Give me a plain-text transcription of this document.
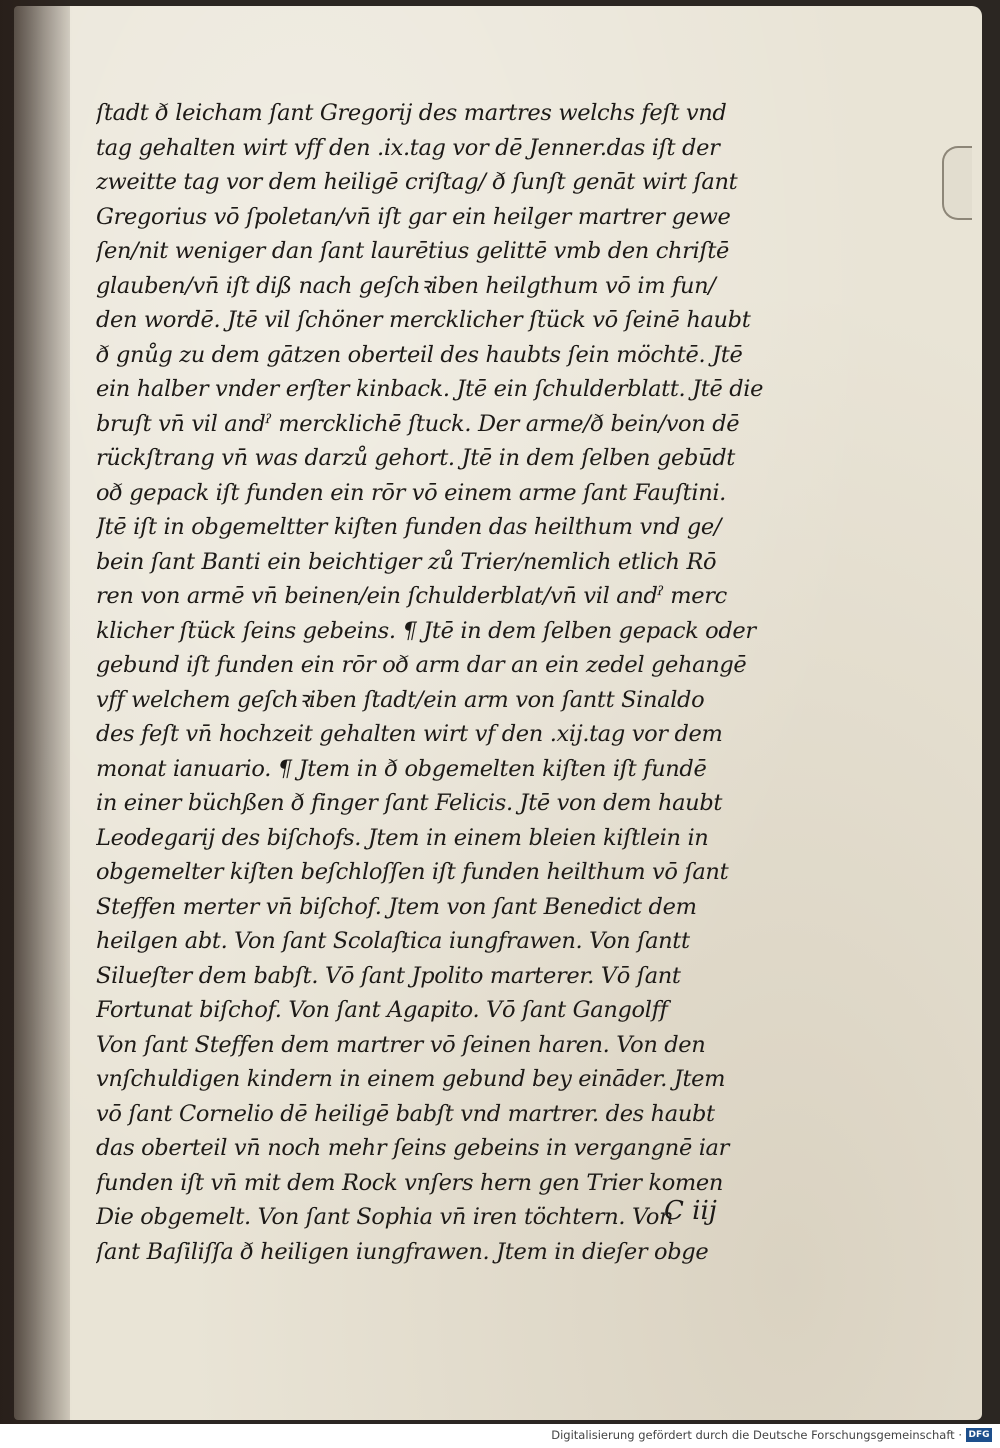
ſtadt ð leicham ſant Gregorij des martres welchs feſt vnd
tag gehalten wirt vff den .ix.tag vor dē Jenner.das iſt der
zweitte tag vor dem heiligē criſtag/ ð ſunſt genāt wirt ſant
Gregorius vō ſpoletan/vn̄ iſt gar ein heilger martrer gewe
ſen/nit weniger dan ſant laurētius gelittē vmb den chriſtē
glauben/vn̄ iſt diß nach geſchꝛiben heilgthum vō im fun/
den wordē. Jtē vil ſchöner mercklicher ſtück vō ſeinē haubt
ð gnůg zu dem gātzen oberteil des haubts ſein möchtē. Jtē
ein halber vnder erſter kinback. Jtē ein ſchulderblatt. Jtē die
bruſt vn̄ vil andˀ mercklichē ſtuck. Der arme/ð bein/von dē
rückſtrang vn̄ was darzů gehort. Jtē in dem ſelben gebūdt
oð gepack iſt funden ein rōr vō einem arme ſant Fauſtini.
Jtē iſt in obgemeltter kiſten funden das heilthum vnd ge/
bein ſant Banti ein beichtiger zů Trier/nemlich etlich Rō
ren von armē vn̄ beinen/ein ſchulderblat/vn̄ vil andˀ merc
klicher ſtück ſeins gebeins. ¶ Jtē in dem ſelben gepack oder
gebund iſt funden ein rōr oð arm dar an ein zedel gehangē
vff welchem geſchꝛiben ſtadt/ein arm von ſantt Sinaldo
des feſt vn̄ hochzeit gehalten wirt vf den .xij.tag vor dem
monat ianuario. ¶ Jtem in ð obgemelten kiſten iſt fundē
in einer büchßen ð finger ſant Felicis. Jtē von dem haubt
Leodegarij des biſchofs. Jtem in einem bleien kiſtlein in
obgemelter kiſten beſchloſſen iſt funden heilthum vō ſant
Steffen merter vn̄ biſchof. Jtem von ſant Benedict dem
heilgen abt. Von ſant Scolaſtica iungfrawen. Von ſantt
Silueſter dem babſt. Vō ſant Jpolito marterer. Vō ſant
Fortunat biſchof. Von ſant Agapito. Vō ſant Gangolff
Von ſant Steffen dem martrer vō ſeinen haren. Von den
vnſchuldigen kindern in einem gebund bey eināder. Jtem
vō ſant Cornelio dē heiligē babſt vnd martrer. des haubt
das oberteil vn̄ noch mehr ſeins gebeins in vergangnē iar
funden iſt vn̄ mit dem Rock vnſers hern gen Trier komen
Die obgemelt. Von ſant Sophia vn̄ iren töchtern. Von
ſant Baſiliſſa ð heiligen iungfrawen. Jtem in dieſer obge
C iij
Digitalisierung gefördert durch die Deutsche Forschungsgemeinschaft · DFG
